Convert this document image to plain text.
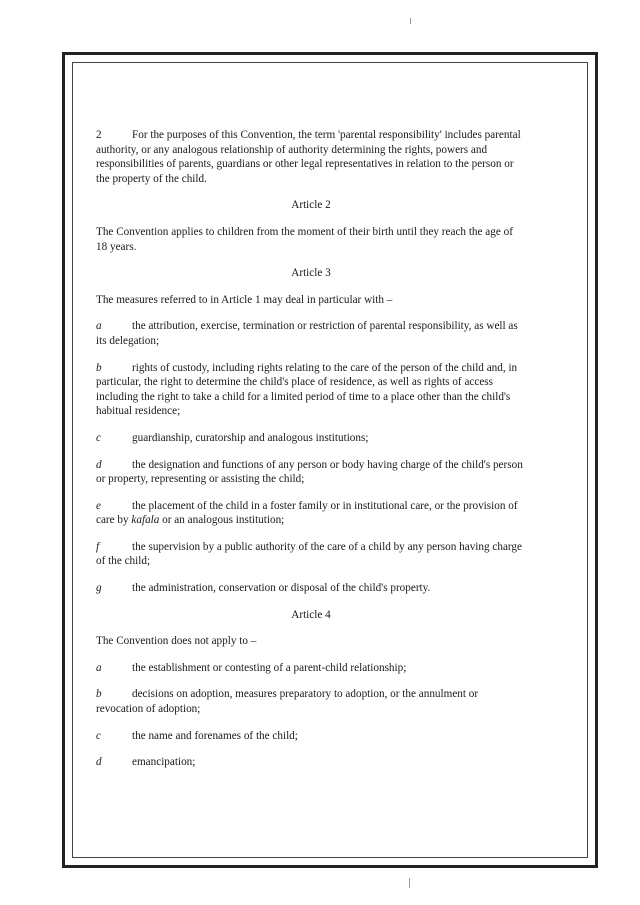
2	For the purposes of this Convention, the term 'parental responsibility' includes parental authority, or any analogous relationship of authority determining the rights, powers and responsibilities of parents, guardians or other legal representatives in relation to the person or the property of the child.

Article 2

The Convention applies to children from the moment of their birth until they reach the age of 18 years.

Article 3

The measures referred to in Article 1 may deal in particular with –

a	the attribution, exercise, termination or restriction of parental responsibility, as well as its delegation;

b	rights of custody, including rights relating to the care of the person of the child and, in particular, the right to determine the child's place of residence, as well as rights of access including the right to take a child for a limited period of time to a place other than the child's habitual residence;

c	guardianship, curatorship and analogous institutions;

d	the designation and functions of any person or body having charge of the child's person or property, representing or assisting the child;

e	the placement of the child in a foster family or in institutional care, or the provision of care by kafala or an analogous institution;

f	the supervision by a public authority of the care of a child by any person having charge of the child;

g	the administration, conservation or disposal of the child's property.

Article 4

The Convention does not apply to –

a	the establishment or contesting of a parent-child relationship;

b	decisions on adoption, measures preparatory to adoption, or the annulment or revocation of adoption;

c	the name and forenames of the child;

d	emancipation;
